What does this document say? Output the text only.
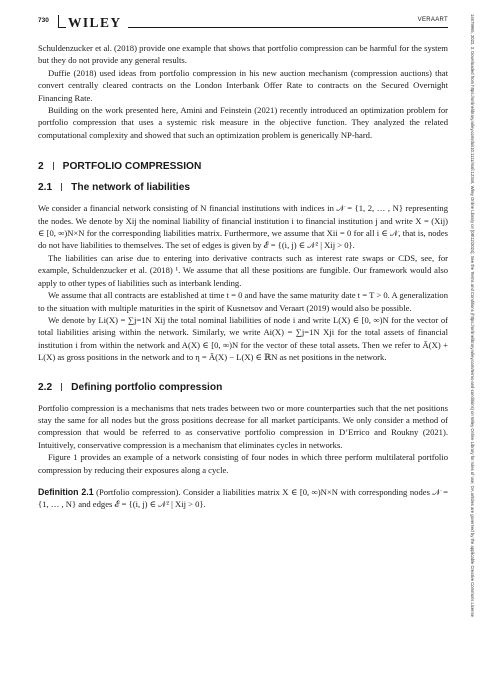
730 WILEY	VERAART

Schuldenzucker et al. (2018) provide one example that shows that portfolio compression can be harmful for the system but they do not provide any general results.

Duffie (2018) used ideas from portfolio compression in his new auction mechanism (compression auctions) that convert centrally cleared contracts on the London Interbank Offer Rate to contracts on the Secured Overnight Financing Rate.

Building on the work presented here, Amini and Feinstein (2021) recently introduced an optimization problem for portfolio compression that uses a systemic risk measure in the objective function. They analyzed the related computational complexity and showed that such an optimization problem is generically NP-hard.

2 PORTFOLIO COMPRESSION
2.1 The network of liabilities

We consider a financial network consisting of N financial institutions with indices in 𝒩 = {1, 2, … , N} representing the nodes. We denote by Xij the nominal liability of financial institution i to financial institution j and write X = (Xij) ∈ [0, ∞)N×N for the corresponding liabilities matrix. Furthermore, we assume that Xii = 0 for all i ∈ 𝒩, that is, nodes do not have liabilities to themselves. The set of edges is given by ℰ = {(i, j) ∈ 𝒩² | Xij > 0}.

The liabilities can arise due to entering into derivative contracts such as interest rate swaps or CDS, see, for example, Schuldenzucker et al. (2018) ¹. We assume that all these positions are fungible. Our framework would also apply to other types of liabilities such as interbank lending.

We assume that all contracts are established at time t = 0 and have the same maturity date t = T > 0. A generalization to the situation with multiple maturities in the spirit of Kusnetsov and Veraart (2019) would also be possible.

We denote by Li(X) = ∑j=1N Xij the total nominal liabilities of node i and write L(X) ∈ [0, ∞)N for the vector of total liabilities arising within the network. Similarly, we write Ai(X) = ∑j=1N Xji for the total assets of financial institution i from within the network and A(X) ∈ [0, ∞)N for the vector of these total assets. Then we refer to Ā(X) + L(X) as gross positions in the network and to η = Ā(X) − L(X) ∈ ℝN as net positions in the network.

2.2 Defining portfolio compression

Portfolio compression is a mechanisms that nets trades between two or more counterparties such that the net positions stay the same for all nodes but the gross positions decrease for all market participants. We only consider a method of compression that would be referred to as conservative portfolio compression in D’Errico and Roukny (2021). Intuitively, conservative compression is a mechanism that eliminates cycles in networks.

Figure 1 provides an example of a network consisting of four nodes in which three perform multilateral portfolio compression by reducing their exposures along a cycle.

Definition 2.1 (Portfolio compression). Consider a liabilities matrix X ∈ [0, ∞)N×N with corresponding nodes 𝒩 = {1, … , N} and edges ℰ = {(i, j) ∈ 𝒩² | Xij > 0}.	14679965, 2022, 3, Downloaded from https://onlinelibrary.wiley.com/doi/10.1111/mafi.12346, Wiley Online Library on [08/12/2024]. See the Terms and Conditions (https://onlinelibrary.wiley.com/terms-and-conditions) on Wiley Online Library for rules of use; OA articles are governed by the applicable Creative Commons License
